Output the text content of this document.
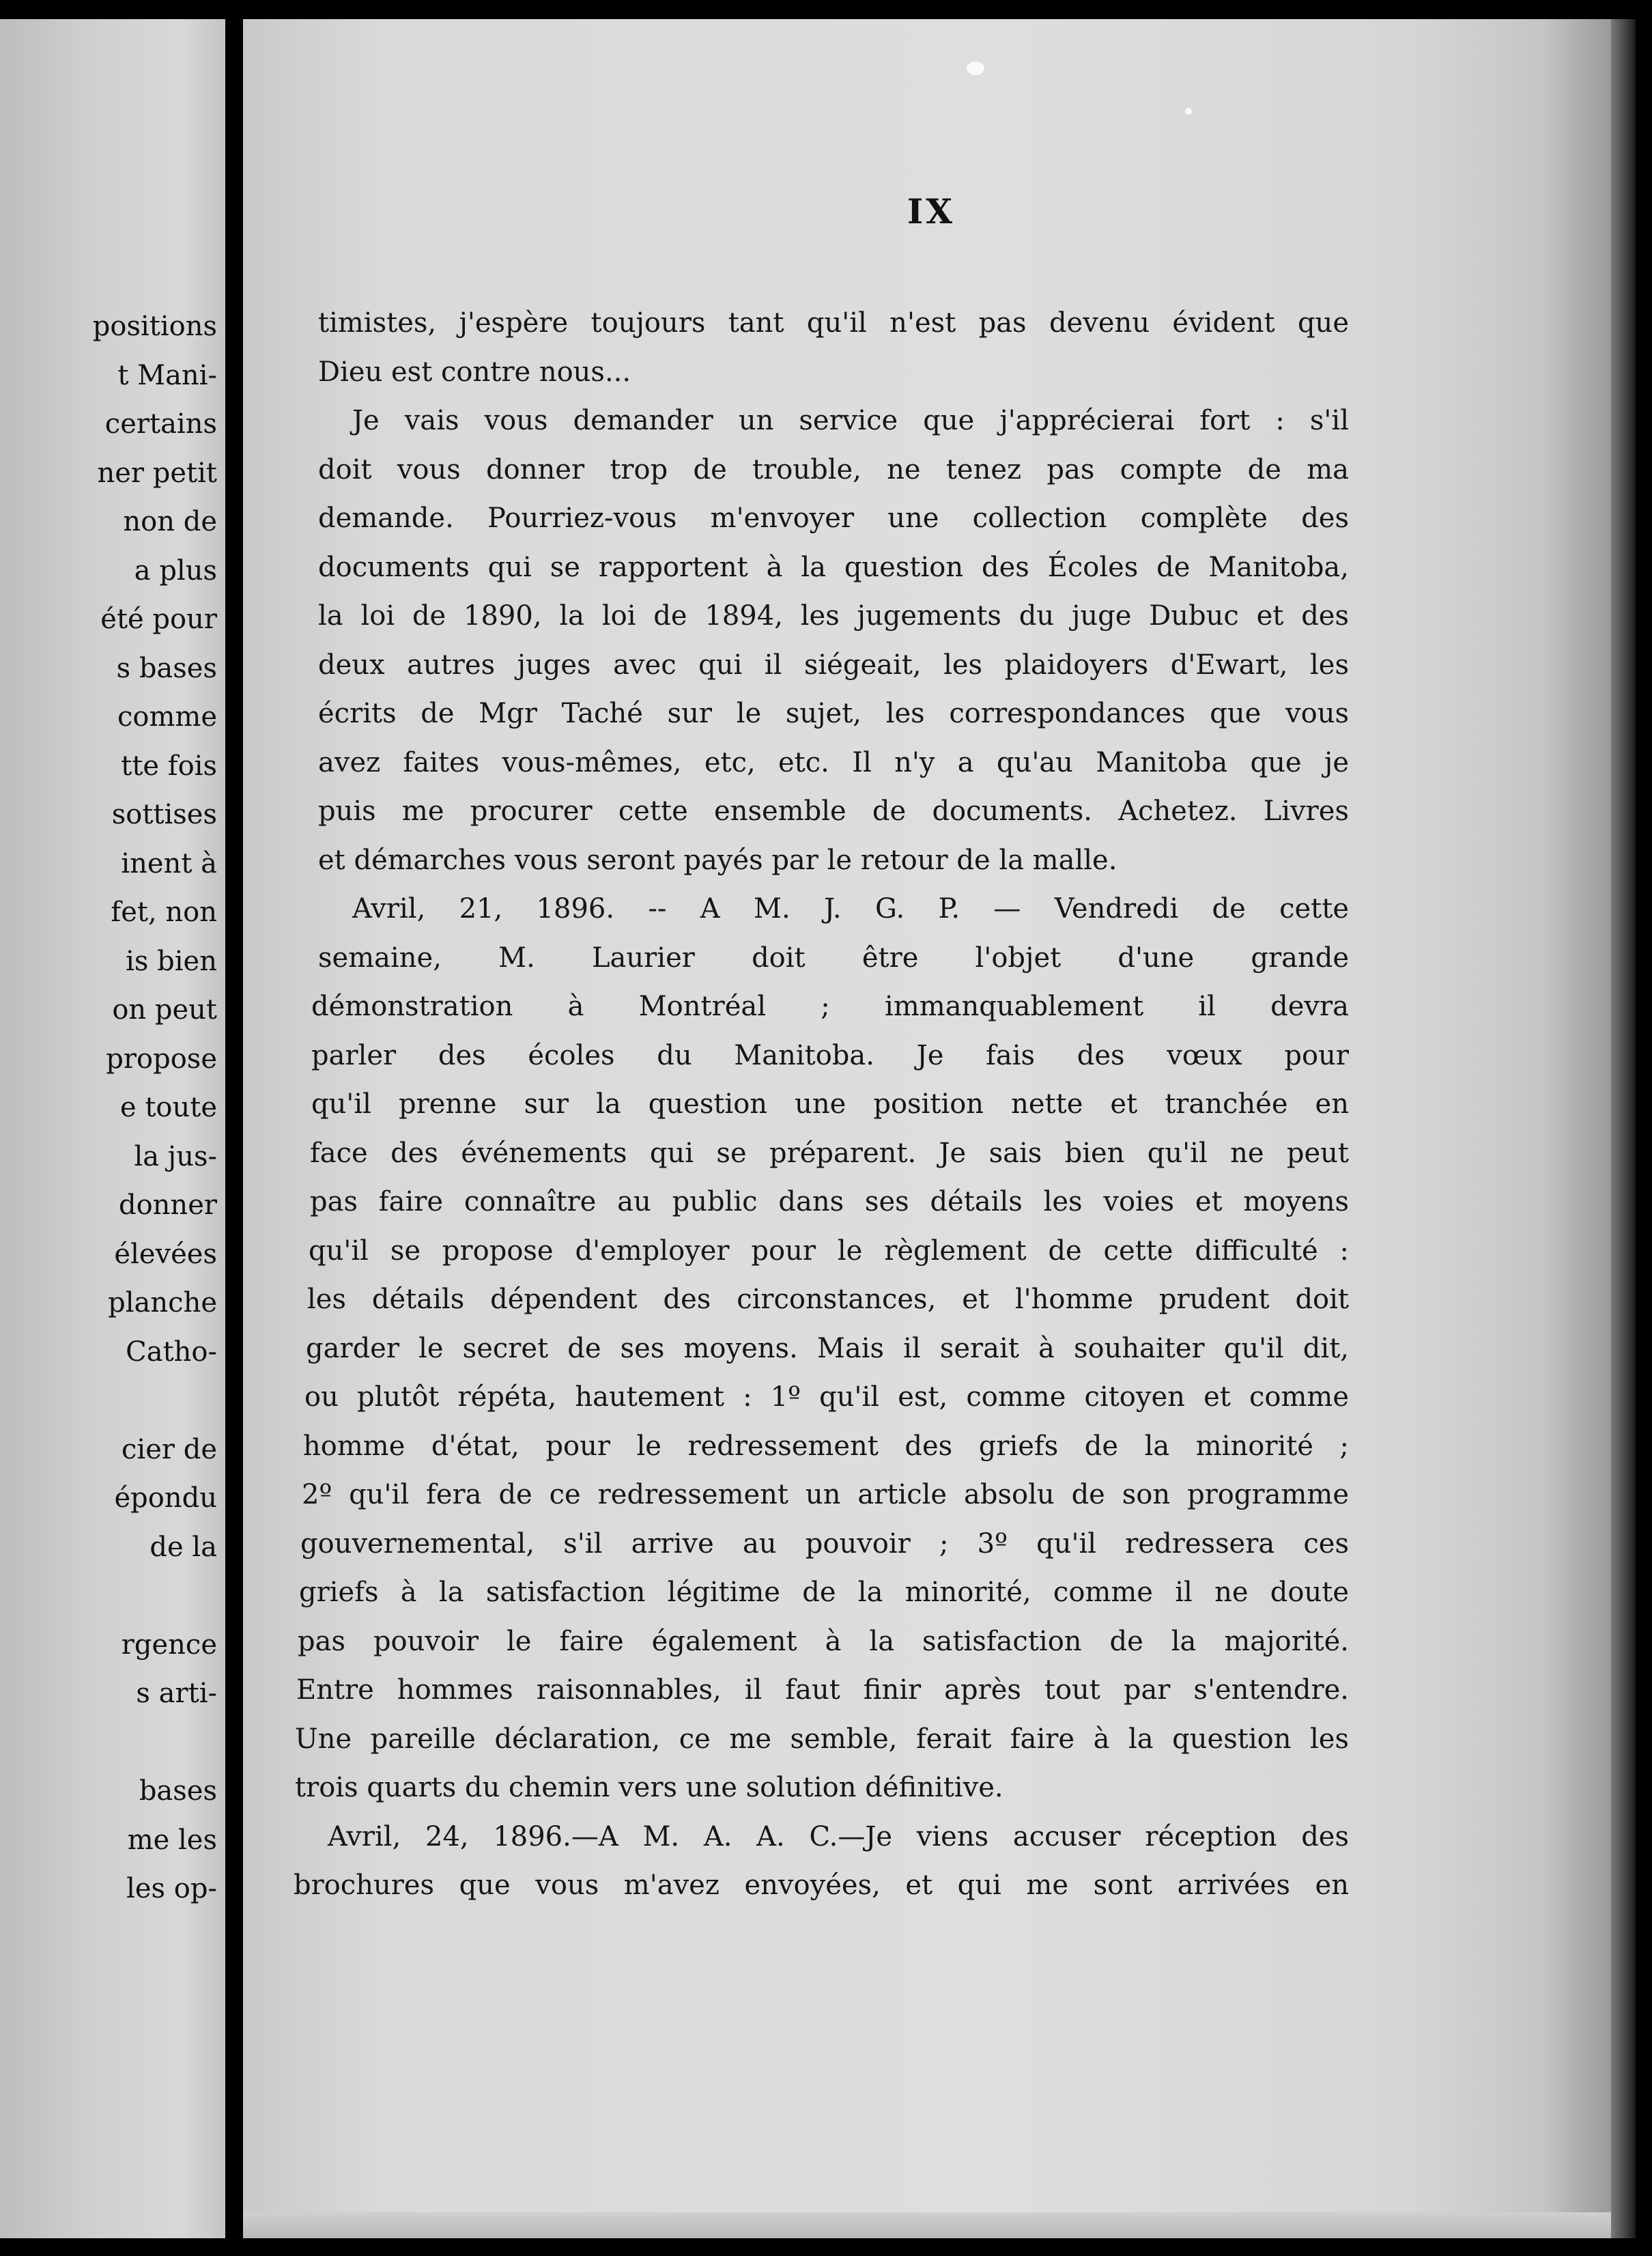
positions
t Mani-
certains
ner petit
non de
a plus
été pour
s bases
comme
tte fois
sottises
inent à
fet, non
is bien
on peut
propose
e toute
la jus-
donner
élevées
planche
Catho-
cier de
épondu
de la
rgence
s arti-
bases
me les
les op-
IX
timistes, j'espère toujours tant qu'il n'est pas devenu évident que
Dieu est contre nous...
Je vais vous demander un service que j'apprécierai fort : s'il
doit vous donner trop de trouble, ne tenez pas compte de ma
demande. Pourriez-vous m'envoyer une collection complète des
documents qui se rapportent à la question des Écoles de Manitoba,
la loi de 1890, la loi de 1894, les jugements du juge Dubuc et des
deux autres juges avec qui il siégeait, les plaidoyers d'Ewart, les
écrits de Mgr Taché sur le sujet, les correspondances que vous
avez faites vous-mêmes, etc, etc. Il n'y a qu'au Manitoba que je
puis me procurer cette ensemble de documents. Achetez. Livres
et démarches vous seront payés par le retour de la malle.
Avril, 21, 1896. -- A M. J. G. P. — Vendredi de cette
semaine, M. Laurier doit être l'objet d'une grande
démonstration à Montréal ; immanquablement il devra
parler des écoles du Manitoba. Je fais des vœux pour
qu'il prenne sur la question une position nette et tranchée en
face des événements qui se préparent. Je sais bien qu'il ne peut
pas faire connaître au public dans ses détails les voies et moyens
qu'il se propose d'employer pour le règlement de cette difficulté :
les détails dépendent des circonstances, et l'homme prudent doit
garder le secret de ses moyens. Mais il serait à souhaiter qu'il dit,
ou plutôt répéta, hautement : 1º qu'il est, comme citoyen et comme
homme d'état, pour le redressement des griefs de la minorité ;
2º qu'il fera de ce redressement un article absolu de son programme
gouvernemental, s'il arrive au pouvoir ; 3º qu'il redressera ces
griefs à la satisfaction légitime de la minorité, comme il ne doute
pas pouvoir le faire également à la satisfaction de la majorité.
Entre hommes raisonnables, il faut finir après tout par s'entendre.
Une pareille déclaration, ce me semble, ferait faire à la question les
trois quarts du chemin vers une solution définitive.
Avril, 24, 1896.—A M. A. A. C.—Je viens accuser réception des
brochures que vous m'avez envoyées, et qui me sont arrivées en
